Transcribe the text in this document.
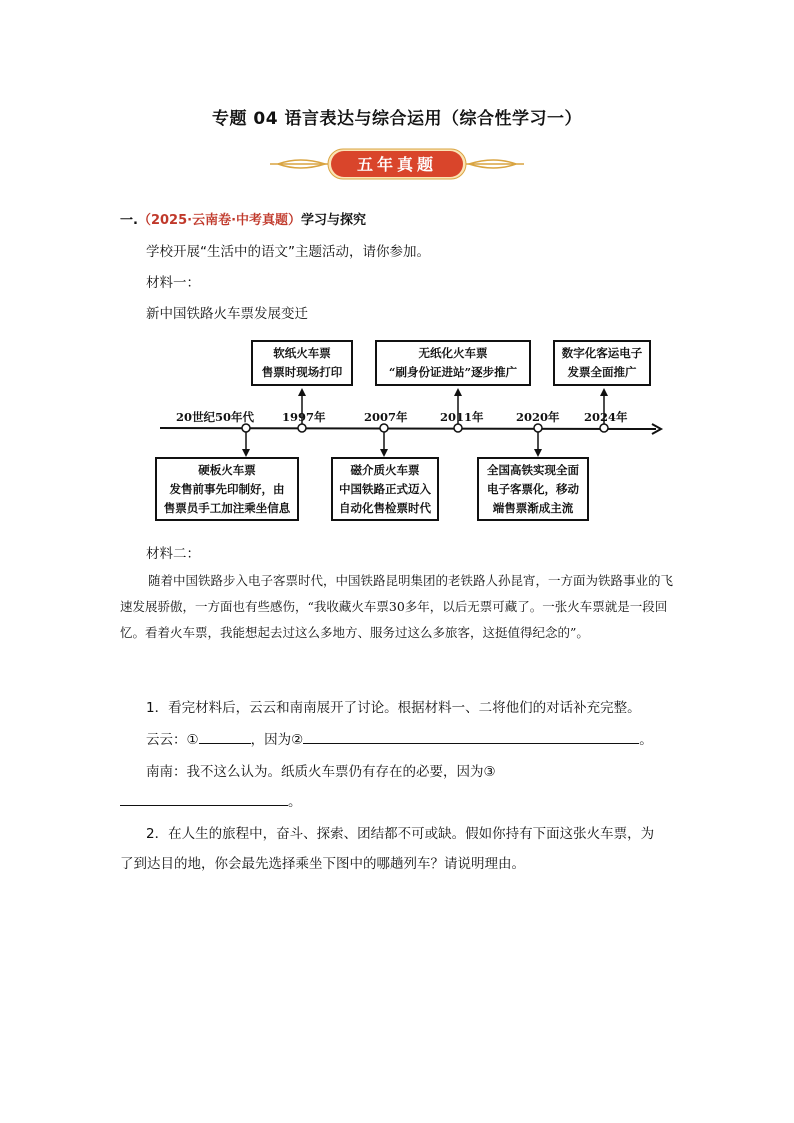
专题 04 语言表达与综合运用（综合性学习一）
五年真题
一.（2025·云南卷·中考真题）学习与探究
学校开展“生活中的语文”主题活动，请你参加。
材料一：
新中国铁路火车票发展变迁
20世纪50年代 1997年	2007年	2011年	2020年 2024年
软纸火车票
售票时现场打印
无纸化火车票
“刷身份证进站”逐步推广
数字化客运电子
发票全面推广
硬板火车票
发售前事先印制好，由
售票员手工加注乘坐信息
磁介质火车票
中国铁路正式迈入
自动化售检票时代
全国高铁实现全面
电子客票化，移动
端售票渐成主流
材料二：
随着中国铁路步入电子客票时代，中国铁路昆明集团的老铁路人孙昆宵，一方面为铁路事业的飞速发展骄傲，一方面也有些感伤，“我收藏火车票30多年，以后无票可藏了。一张火车票就是一段回忆。看着火车票，我能想起去过这么多地方、服务过这么多旅客，这挺值得纪念的”。
1．看完材料后，云云和南南展开了讨论。根据材料一、二将他们的对话补充完整。
云云：①	，因为②	。
南南：我不这么认为。纸质火车票仍有存在的必要，因为③
。
2．在人生的旅程中，奋斗、探索、团结都不可或缺。假如你持有下面这张火车票，为
了到达目的地，你会最先选择乘坐下图中的哪趟列车？请说明理由。
